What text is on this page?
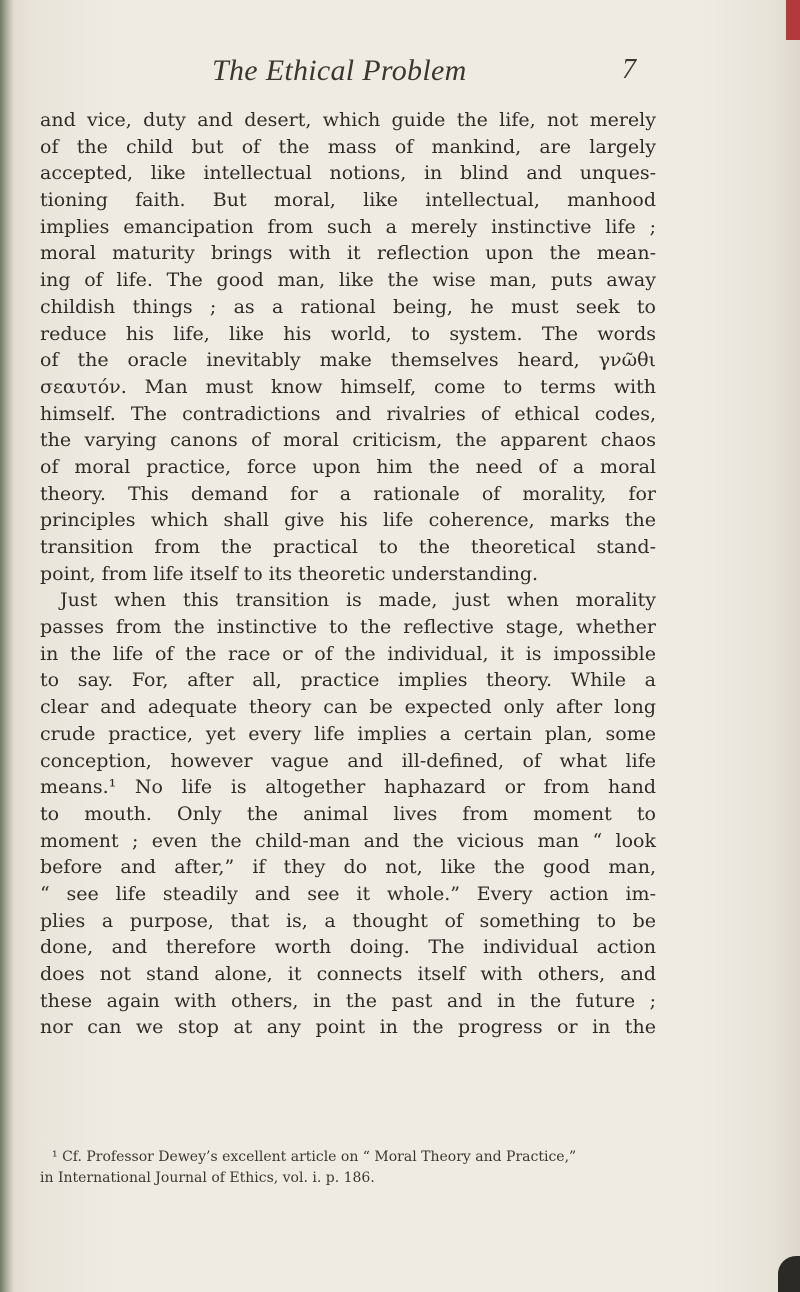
The Ethical Problem	7
and vice, duty and desert, which guide the life, not merely
of the child but of the mass of mankind, are largely
accepted, like intellectual notions, in blind and unques-
tioning faith. But moral, like intellectual, manhood
implies emancipation from such a merely instinctive life ;
moral maturity brings with it reflection upon the mean-
ing of life. The good man, like the wise man, puts away
childish things ; as a rational being, he must seek to
reduce his life, like his world, to system. The words
of the oracle inevitably make themselves heard, γνῶθι
σεαυτόν. Man must know himself, come to terms with
himself. The contradictions and rivalries of ethical codes,
the varying canons of moral criticism, the apparent chaos
of moral practice, force upon him the need of a moral
theory. This demand for a rationale of morality, for
principles which shall give his life coherence, marks the
transition from the practical to the theoretical stand-
point, from life itself to its theoretic understanding.
Just when this transition is made, just when morality
passes from the instinctive to the reflective stage, whether
in the life of the race or of the individual, it is impossible
to say. For, after all, practice implies theory. While a
clear and adequate theory can be expected only after long
crude practice, yet every life implies a certain plan, some
conception, however vague and ill-defined, of what life
means.¹ No life is altogether haphazard or from hand
to mouth. Only the animal lives from moment to
moment ; even the child-man and the vicious man “ look
before and after,” if they do not, like the good man,
“ see life steadily and see it whole.” Every action im-
plies a purpose, that is, a thought of something to be
done, and therefore worth doing. The individual action
does not stand alone, it connects itself with others, and
these again with others, in the past and in the future ;
nor can we stop at any point in the progress or in the
¹ Cf. Professor Dewey’s excellent article on “ Moral Theory and Practice,”
in International Journal of Ethics, vol. i. p. 186.
